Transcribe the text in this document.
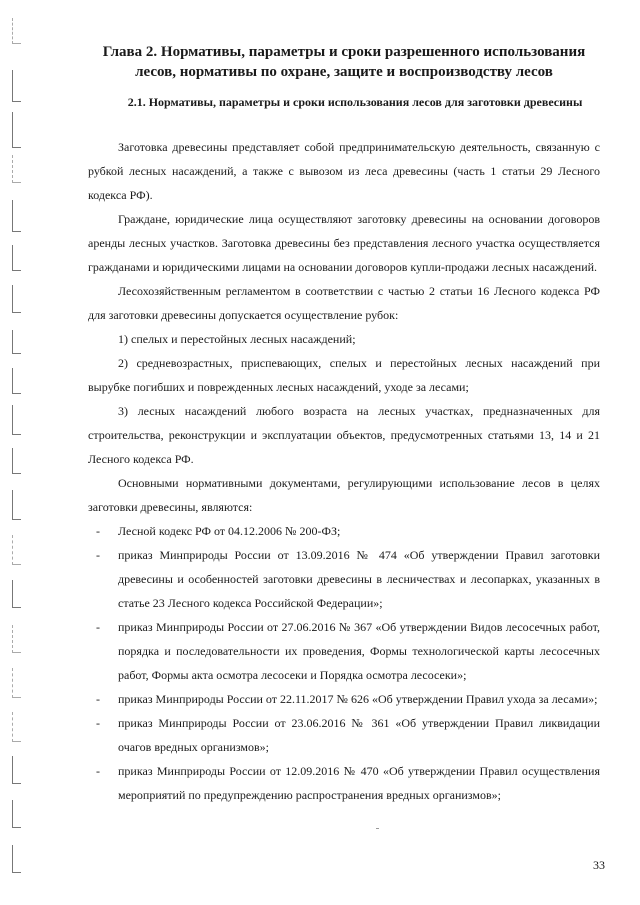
Глава 2. Нормативы, параметры и сроки разрешенного использования лесов, нормативы по охране, защите и воспроизводству лесов
2.1. Нормативы, параметры и сроки использования лесов для заготовки древесины

Заготовка древесины представляет собой предпринимательскую деятельность, связанную с рубкой лесных насаждений, а также с вывозом из леса древесины (часть 1 статьи 29 Лесного кодекса РФ).

Граждане, юридические лица осуществляют заготовку древесины на основании договоров аренды лесных участков. Заготовка древесины без представления лесного участка осуществляется гражданами и юридическими лицами на основании договоров купли-продажи лесных насаждений.

Лесохозяйственным регламентом в соответствии с частью 2 статьи 16 Лесного кодекса РФ для заготовки древесины допускается осуществление рубок:

1) спелых и перестойных лесных насаждений;

2) средневозрастных, приспевающих, спелых и перестойных лесных насаждений при вырубке погибших и поврежденных лесных насаждений, уходе за лесами;

3) лесных насаждений любого возраста на лесных участках, предназначенных для строительства, реконструкции и эксплуатации объектов, предусмотренных статьями 13, 14 и 21 Лесного кодекса РФ.

Основными нормативными документами, регулирующими использование лесов в целях заготовки древесины, являются:

- Лесной кодекс РФ от 04.12.2006 № 200-ФЗ;
- приказ Минприроды России от 13.09.2016 № 474 «Об утверждении Правил заготовки древесины и особенностей заготовки древесины в лесничествах и лесопарках, указанных в статье 23 Лесного кодекса Российской Федерации»;
- приказ Минприроды России от 27.06.2016 № 367 «Об утверждении Видов лесосечных работ, порядка и последовательности их проведения, Формы технологической карты лесосечных работ, Формы акта осмотра лесосеки и Порядка осмотра лесосеки»;
- приказ Минприроды России от 22.11.2017 № 626 «Об утверждении Правил ухода за лесами»;
- приказ Минприроды России от 23.06.2016 № 361 «Об утверждении Правил ликвидации очагов вредных организмов»;
- приказ Минприроды России от 12.09.2016 № 470 «Об утверждении Правил осуществления мероприятий по предупреждению распространения вредных организмов»;
33
